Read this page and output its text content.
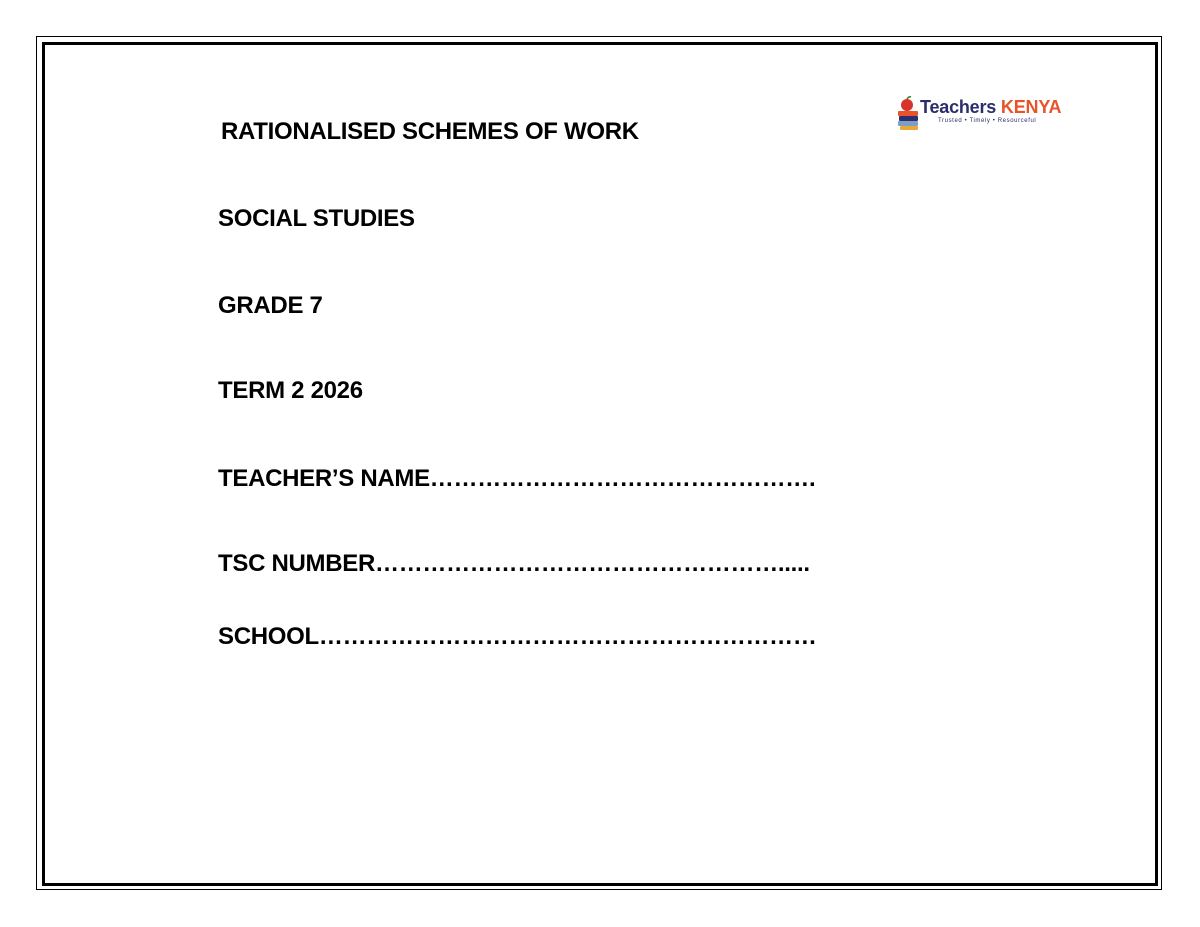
Teachers KENYA
Trusted • Timely • Resourceful
RATIONALISED SCHEMES OF WORK
SOCIAL STUDIES
GRADE 7
TERM 2 2026
TEACHER’S NAME………………………………………….
TSC NUMBER…………………………………………….....
SCHOOL………………………………………………………
